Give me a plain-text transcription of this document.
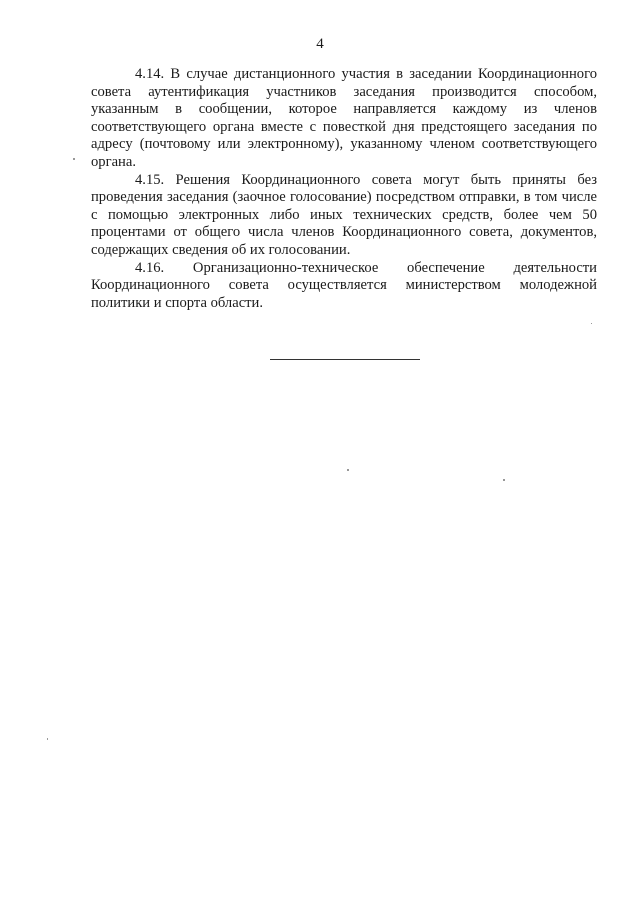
4

4.14. В случае дистанционного участия в заседании Координационного совета аутентификация участников заседания производится способом, указанным в сообщении, которое направляется каждому из членов соответствующего органа вместе с повесткой дня предстоящего заседания по адресу (почтовому или электронному), указанному членом соответствующего органа.

4.15. Решения Координационного совета могут быть приняты без проведения заседания (заочное голосование) посредством отправки, в том числе с помощью электронных либо иных технических средств, более чем 50 процентами от общего числа членов Координационного совета, документов, содержащих сведения об их голосовании.

4.16. Организационно-техническое обеспечение деятельности Координационного совета осуществляется министерством молодежной политики и спорта области.
